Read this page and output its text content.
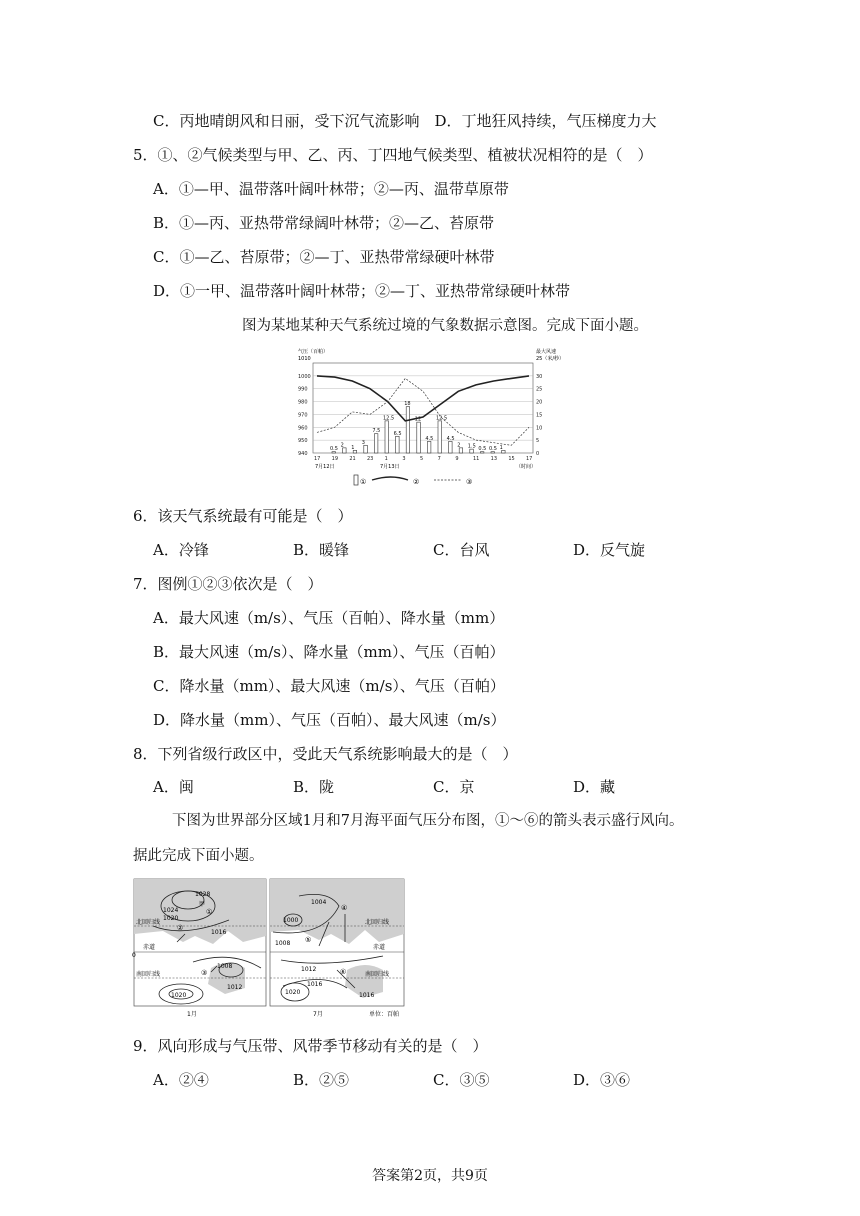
C．丙地晴朗风和日丽，受下沉气流影响　D．丁地狂风持续，气压梯度力大
5．①、②气候类型与甲、乙、丙、丁四地气候类型、植被状况相符的是（　）
A．①—甲、温带落叶阔叶林带；②—丙、温带草原带
B．①—丙、亚热带常绿阔叶林带；②—乙、苔原带
C．①—乙、苔原带；②—丁、亚热带常绿硬叶林带
D．①一甲、温带落叶阔叶林带；②—丁、亚热带常绿硬叶林带
图为某地某种天气系统过境的气象数据示意图。完成下面小题。
气压（百帕）
1010
最大风速
25（米/秒）
1000
990
980
970
960
950
940
30
25
20
15
10
5
0
0.5
2 1
3
7.5
12.5
6.5
18
12
4.5
12.5
4.5
2 1.5 0.5 0.5 1
17 19 21 23 1	3	5	7	9	11 13 15 17
7月12日	7月13日	（时间）
①	②	③
6．该天气系统最有可能是（　）
A．冷锋	B．暖锋	C．台风	D．反气旋
7．图例①②③依次是（　）
A．最大风速（m/s）、气压（百帕）、降水量（mm）
B．最大风速（m/s）、降水量（mm）、气压（百帕）
C．降水量（mm）、最大风速（m/s）、气压（百帕）
D．降水量（mm）、气压（百帕）、最大风速（m/s）
8．下列省级行政区中，受此天气系统影响最大的是（　）
A．闽	B．陇	C．京	D．藏
下图为世界部分区域1月和7月海平面气压分布图，①～⑥的箭头表示盛行风向。
据此完成下面小题。
1028
甲
1024
1020
1016
1008
1012
1020
北回归线
赤道
0
南回归线
①
②
③
1月
1004
1000
1008
1012
1016
1020	1016
北回归线
赤道
南回归线
④
⑤
⑥
7月	单位：百帕
9．风向形成与气压带、风带季节移动有关的是（　）
A．②④	B．②⑤	C．③⑤	D．③⑥
答案第2页，共9页
